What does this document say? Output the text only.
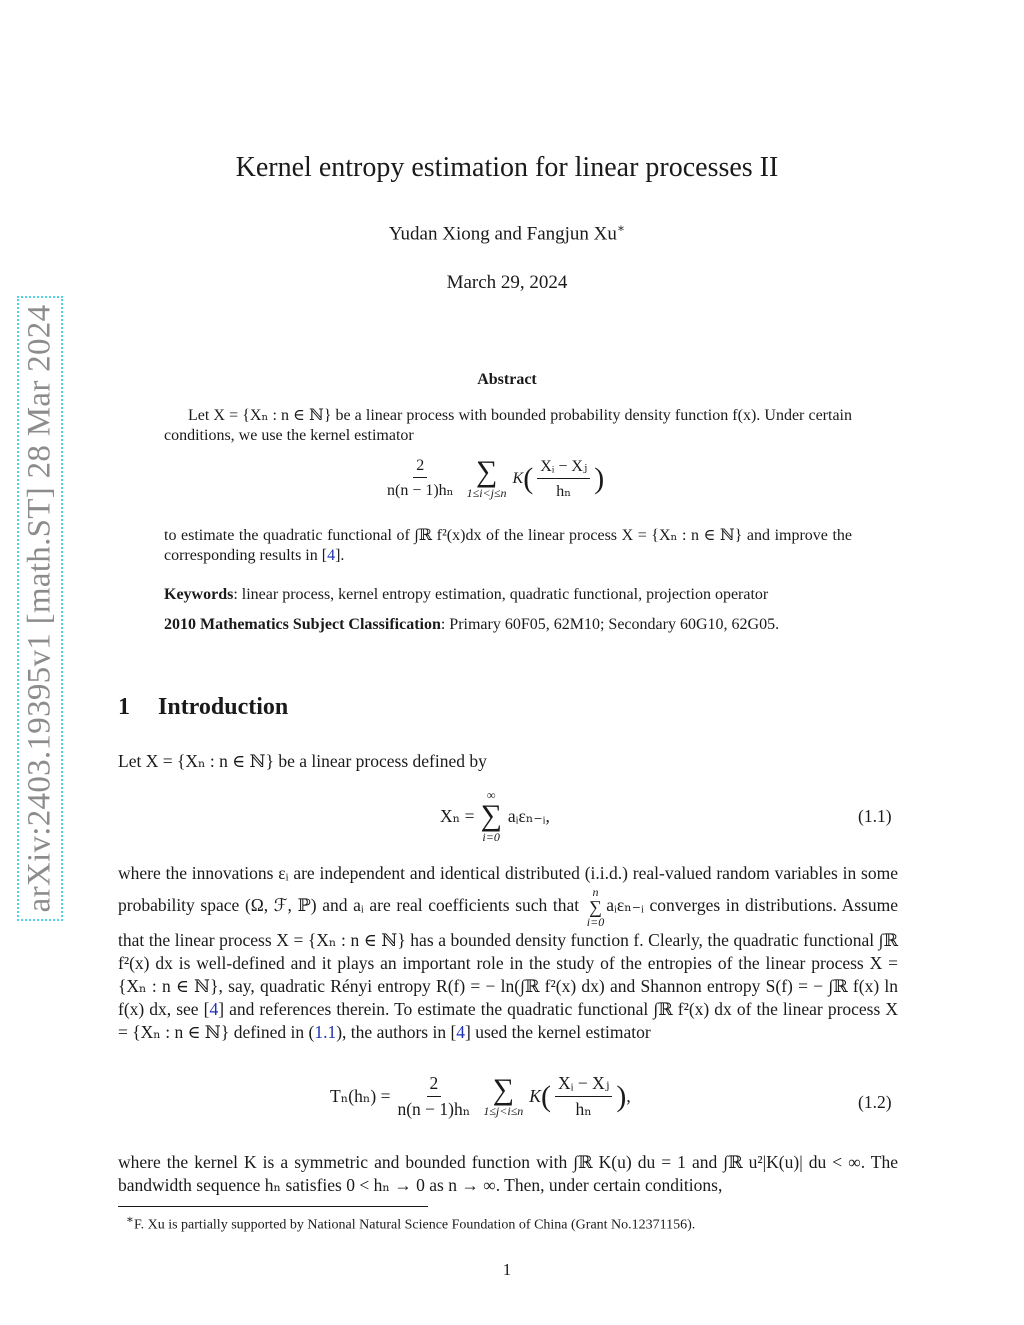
arXiv:2403.19395v1 [math.ST] 28 Mar 2024
Kernel entropy estimation for linear processes II
Yudan Xiong and Fangjun Xu∗
March 29, 2024
Abstract
Let X = {Xₙ : n ∈ ℕ} be a linear process with bounded probability density function f(x). Under certain conditions, we use the kernel estimator
$\frac{2}{\text{n(n − 1)hₙ}}$ ∑
1≤i<j≤n
K ( $\frac{\text{Xᵢ − Xⱼ}}{\text{hₙ}}$ )
to estimate the quadratic functional of ∫ℝ f²(x)dx of the linear process X = {Xₙ : n ∈ ℕ} and improve the corresponding results in [4].
Keywords: linear process, kernel entropy estimation, quadratic functional, projection operator
2010 Mathematics Subject Classification: Primary 60F05, 62M10; Secondary 60G10, 62G05.
1 Introduction
Let X = {Xₙ : n ∈ ℕ} be a linear process defined by
Xₙ =
∞
∑
i=0
aᵢεₙ₋ᵢ,	(1.1)
where the innovations εᵢ are independent and identical distributed (i.i.d.) real-valued random variables in some probability space (Ω, ℱ, ℙ) and aᵢ are real coefficients such that
n
∑
i=0
aᵢεₙ₋ᵢ converges in distributions. Assume that the linear process X = {Xₙ : n ∈ ℕ} has a bounded density function f. Clearly, the quadratic functional ∫ℝ f²(x) dx is well-defined and it plays an important role in the study of the entropies of the linear process X = {Xₙ : n ∈ ℕ}, say, quadratic Rényi entropy R(f) = − ln(∫ℝ f²(x) dx) and Shannon entropy S(f) = − ∫ℝ f(x) ln f(x) dx, see [4] and references therein. To estimate the quadratic functional ∫ℝ f²(x) dx of the linear process X = {Xₙ : n ∈ ℕ} defined in (1.1), the authors in [4] used the kernel estimator
$T_n(h_n) = \frac{2}{\text{n(n − 1)hₙ}}$ ∑
1≤j<i≤n
K ( $\frac{\text{Xᵢ − Xⱼ}}{\text{hₙ}}$ ) ,	(1.2)
where the kernel K is a symmetric and bounded function with ∫ℝ K(u) du = 1 and ∫ℝ u²|K(u)| du < ∞. The bandwidth sequence hₙ satisfies 0 < hₙ → 0 as n → ∞. Then, under certain conditions,
∗F. Xu is partially supported by National Natural Science Foundation of China (Grant No.12371156).
1
